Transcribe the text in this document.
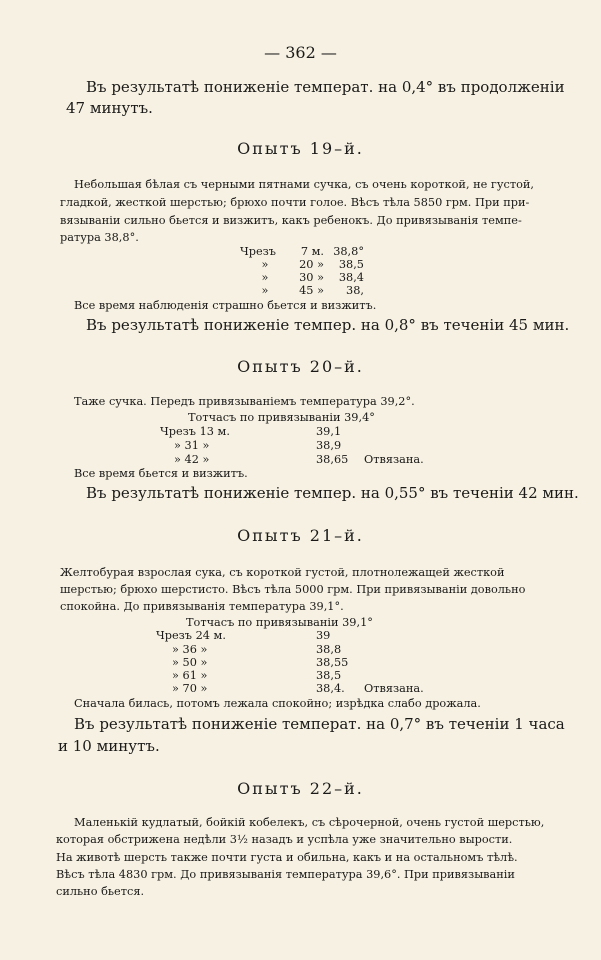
— 362 —
Въ результатѣ пониженіе температ. на 0,4° въ продолженіи
47 минутъ.
Опытъ 19–й.
Небольшая бѣлая съ черными пятнами сучка, съ очень короткой, не густой,
гладкой, жесткой шерстью; брюхо почти голое. Вѣсъ тѣла 5850 грм. При при-
вязываніи сильно бьется и визжитъ, какъ ребенокъ. До привязыванія темпе-
ратура 38,8°.
Чрезъ 7 м. 38,8°
»	20 » 38,5
»	30 » 38,4
»	45 » 38,
Все время наблюденія страшно бьется и визжитъ.
Въ результатѣ пониженіе темпер. на 0,8° въ теченіи 45 мин.
Опытъ 20–й.
Таже сучка. Передъ привязываніемъ температура 39,2°.
Тотчасъ по привязываніи 39,4°
Чрезъ 13 м.	39,1
» 31 »	38,9
» 42 »	38,65 Отвязана.
Все время бьется и визжитъ.
Въ результатѣ пониженіе темпер. на 0,55° въ теченіи 42 мин.
Опытъ 21–й.
Желтобурая взрослая сука, съ короткой густой, плотнолежащей жесткой
шерстью; брюхо шерстисто. Вѣсъ тѣла 5000 грм. При привязываніи довольно
спокойна. До привязыванія температура 39,1°.
Тотчасъ по привязываніи 39,1°
Чрезъ 24 м.	39
» 36 »	38,8
» 50 »	38,55
» 61 »	38,5
» 70 »	38,4. Отвязана.
Сначала билась, потомъ лежала спокойно; изрѣдка слабо дрожала.
Въ результатѣ пониженіе температ. на 0,7° въ теченіи 1 часа
и 10 минутъ.
Опытъ 22–й.
Маленькій кудлатый, бойкій кобелекъ, съ сѣрочерной, очень густой шерстью,
которая обстрижена недѣли 3½ назадъ и успѣла уже значительно вырости.
На животѣ шерсть также почти густа и обильна, какъ и на остальномъ тѣлѣ.
Вѣсъ тѣла 4830 грм. До привязыванія температура 39,6°. При привязываніи
сильно бьется.
